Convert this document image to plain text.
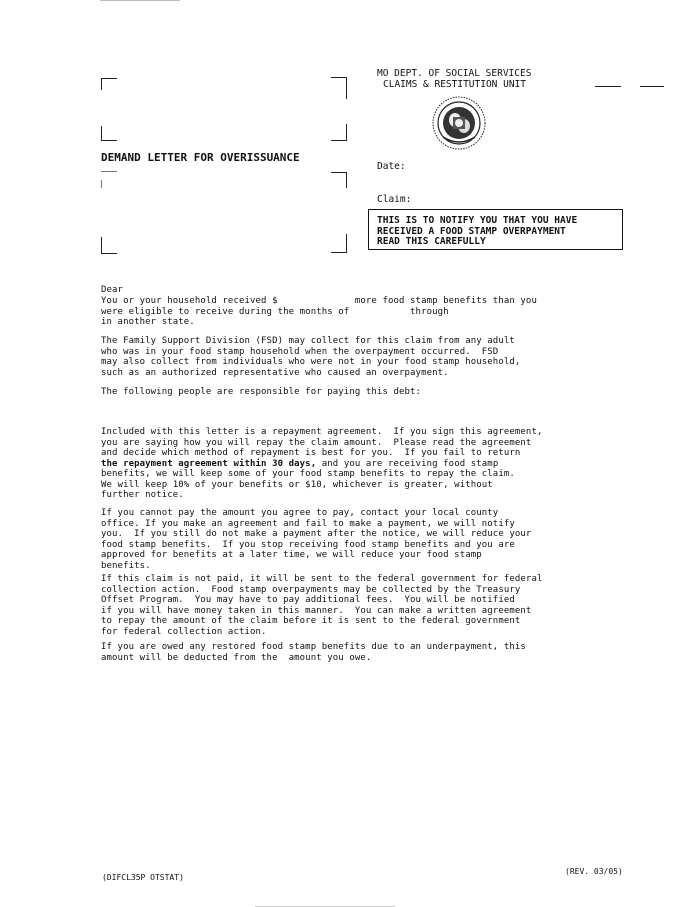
MO DEPT. OF SOCIAL SERVICES
CLAIMS & RESTITUTION UNIT
DEMAND LETTER FOR OVERISSUANCE
Date:
Claim:
THIS IS TO NOTIFY YOU THAT YOU HAVE
RECEIVED A FOOD STAMP OVERPAYMENT
READ THIS CAREFULLY
Dear
You or your household received $              more food stamp benefits than you
were eligible to receive during the months of           through
in another state.
The Family Support Division (FSD) may collect for this claim from any adult
who was in your food stamp household when the overpayment occurred.  FSD
may also collect from individuals who were not in your food stamp household,
such as an authorized representative who caused an overpayment.
The following people are responsible for paying this debt:
Included with this letter is a repayment agreement.  If you sign this agreement,
you are saying how you will repay the claim amount.  Please read the agreement
and decide which method of repayment is best for you.  If you fail to return
the repayment agreement within 30 days, and you are receiving food stamp
benefits, we will keep some of your food stamp benefits to repay the claim.
We will keep 10% of your benefits or $10, whichever is greater, without
further notice.
If you cannot pay the amount you agree to pay, contact your local county
office. If you make an agreement and fail to make a payment, we will notify
you.  If you still do not make a payment after the notice, we will reduce your
food stamp benefits.  If you stop receiving food stamp benefits and you are
approved for benefits at a later time, we will reduce your food stamp
benefits.
If this claim is not paid, it will be sent to the federal government for federal
collection action.  Food stamp overpayments may be collected by the Treasury
Offset Program.  You may have to pay additional fees.  You will be notified
if you will have money taken in this manner.  You can make a written agreement
to repay the amount of the claim before it is sent to the federal government
for federal collection action.
If you are owed any restored food stamp benefits due to an underpayment, this
amount will be deducted from the  amount you owe.
(DIFCL35P OTSTAT)
(REV. 03/05)
